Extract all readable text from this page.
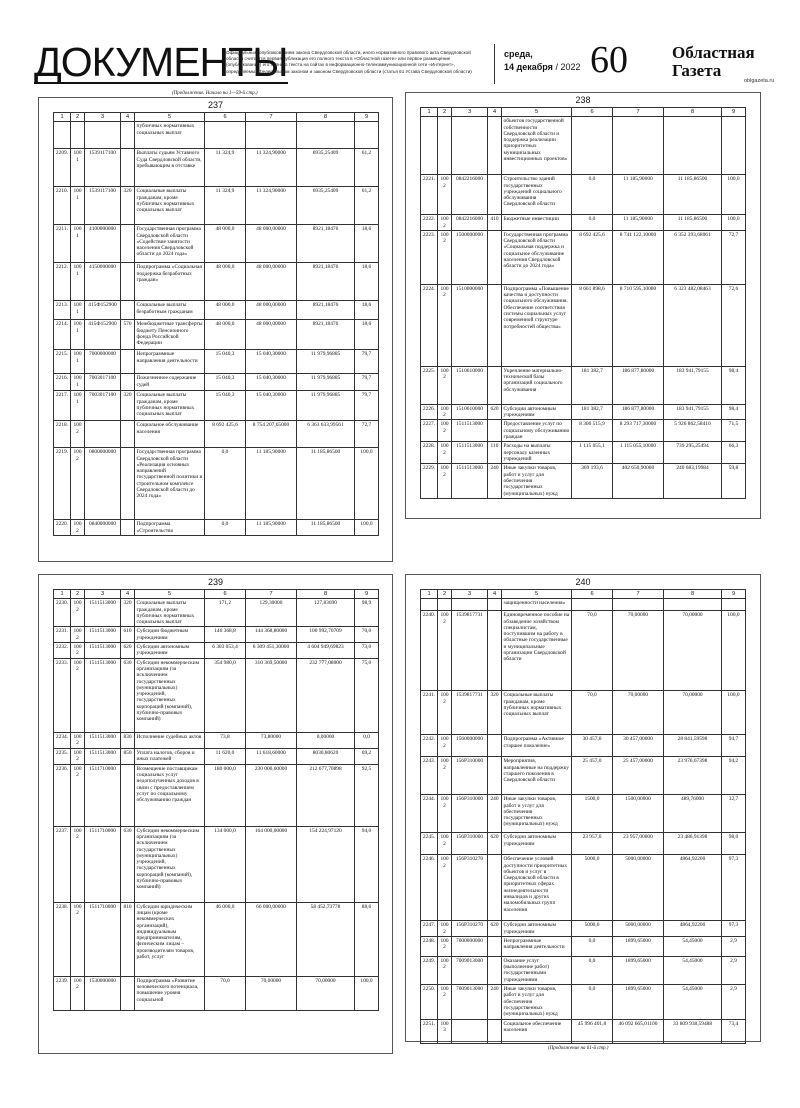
ДОКУМЕНТЫ
Официальным опубликованием закона Свердловской области, иного нормативного правового акта Свердловской области считается первая публикация его полного текста в «Областной газете» или первое размещение (опубликование) его полного текста на сайтах в информационно-телекоммуникационной сети «Интернет», определяемых федеральным законом и законом Свердловской области (статья 61 Устава Свердловской области)
среда,
14 декабря / 2022 60	Областная
Газета
oblgazeta.ru
(Продолжение. Начало на 1—59-й стр.)
237
1	2	3	4	5	6	7	8	9
				публичных нормативных социальных выплат				
2209.	1001	1539117100		Выплаты судьям Уставного Суда Свердловской области, пребывающим в отставке	11 324,9	11 324,90000	6935,25409	61,2
2210.	1001	1539117100	320	Социальные выплаты гражданам, кроме публичных нормативных социальных выплат	11 324,9	11 324,90000	6935,25409	61,2
2211.	1001	4100000000		Государственная программа Свердловской области «Содействие занятости населения Свердловской области до 2024 года»	48 000,0	48 000,00000	8921,18476	18,6
2212.	1001	4150000000		Подпрограмма «Социальная поддержка безработных граждан»	48 000,0	48 000,00000	8921,18476	18,6
2213.	1001	415Ф152900		Социальные выплаты безработным гражданам	48 000,0	48 000,00000	8921,18476	18,6
2214.	1001	415Ф152900	570	Межбюджетные трансферты бюджету Пенсионного фонда Российской Федерации	48 000,0	48 000,00000	8921,18476	18,6
2215.	1001	7000000000		Непрограммные направления деятельности	15 040,3	15 040,30000	11 979,96885	79,7
2216.	1001	7003017100		Пожизненное содержание судей	15 040,3	15 040,30000	11 979,96885	79,7
2217.	1001	7003017100	320	Социальные выплаты гражданам, кроме публичных нормативных социальных выплат	15 040,3	15 040,30000	11 979,96885	79,7
2218.	1002			Социальное обслуживание населения	8 692 425,6	8 754 207,65000	6 363 633,99561	72,7
2219.	1002	0800000000		Государственная программа Свердловской области «Реализация основных направлений государственной политики в строительном комплексе Свердловской области до 2024 года»	0,0	11 185,90000	11 185,86500	100,0
2220.	1002	0840000000		Подпрограмма «Строительство	0,0	11 185,90000	11 185,86500	100,0
238
1	2	3	4	5	6	7	8	9
				объектов государственной собственности Свердловской области и поддержка реализации приоритетных муниципальных инвестиционных проектов»				
2221.	1002	0842216000		Строительство зданий государственных учреждений социального обслуживания Свердловской области	0,0	11 185,90000	11 185,86500	100,0
2222.	1002	0842216000	410	Бюджетные инвестиции	0,0	11 185,90000	11 185,86500	100,0
2223.	1002	1500000000		Государственная программа Свердловской области «Социальная поддержка и социальное обслуживание населения Свердловской области до 2024 года»	8 692 425,6	8 741 122,10000	6 352 393,68061	72,7
2224.	1002	1510000000		Подпрограмма «Повышение качества и доступности социального обслуживания. Обеспечение соответствия системы социальных услуг современной структуре потребностей общества»	8 661 898,6	8 710 595,10000	6 323 482,08463	72,6
2225.	1002	1510610000		Укрепление материально-технической базы организаций социального обслуживания	181 382,7	186 877,80000	183 941,79155	98,4
2226.	1002	1510610000	620	Субсидии автономным учреждениям	181 382,7	186 877,80000	183 941,79155	98,4
2227.	1002	1511513000		Предоставление услуг по социальному обслуживанию граждан	8 300 515,9	8 293 717,30000	5 926 862,58410	71,5
2228.	1002	1511513000	110	Расходы на выплаты персоналу казенных учреждений	1 115 055,1	1 115 055,10000	739 295,25494	66,3
2229.	1002	1511513000	240	Иные закупки товаров, работ и услуг для обеспечения государственных (муниципальных) нужд	369 193,6	402 650,90000	240 683,19984	59,8
239
1	2	3	4	5	6	7	8	9
2230.	1002	1511513000	320	Социальные выплаты гражданам, кроме публичных нормативных социальных выплат	171,2	129,30000	127,83690	98,9
2231.	1002	1511513000	610	Субсидии бюджетным учреждениям	146 368,8	144 368,80000	100 992,70709	70,0
2232.	1002	1511513000	620	Субсидии автономным учреждениям	6 303 053,4	6 309 451,30000	4 604 949,69823	73,0
2233.	1002	1511513000	630	Субсидии некоммерческим организациям (за исключением государственных (муниципальных) учреждений, государственных корпораций (компаний), публично-правовых компаний)	354 980,0	310 369,50000	232 777,08000	75,0
2234.	1002	1511513000	830	Исполнение судебных актов	73,8	73,80000	0,00000	0,0
2235.	1002	1511513000	850	Уплата налогов, сборов и иных платежей	11 620,0	11 618,60000	8036,80620	69,2
2236.	1002	1511710000		Возмещение поставщикам социальных услуг недополученных доходов в связи с предоставлением услуг по социальному обслуживанию граждан	180 000,0	230 000,00000	212 677,70898	92,5
2237.	1002	1511710000	630	Субсидии некоммерческим организациям (за исключением государственных (муниципальных) учреждений, государственных корпораций (компаний), публично-правовых компаний)	134 000,0	164 000,00000	154 224,97120	94,0
2238.	1002	1511710000	810	Субсидии юридическим лицам (кроме некоммерческих организаций), индивидуальным предпринимателям, физическим лицам – производителям товаров, работ, услуг	46 000,0	66 000,00000	58 452,73778	88,6
2239.	1002	1530000000		Подпрограмма «Развитие человеческого потенциала, повышение уровня социальной	70,0	70,00000	70,00000	100,0
240
1	2	3	4	5	6	7	8	9
				защищенности населения»				
2240.	1002	1539817731		Единовременное пособие на обзаведение хозяйством специалистам, поступившим на работу в областные государственные и муниципальные организации Свердловской области	70,0	70,00000	70,00000	100,0
2241.	1002	1539817731	320	Социальные выплаты гражданам, кроме публичных нормативных социальных выплат	70,0	70,00000	70,00000	100,0
2242.	1002	1560000000		Подпрограмма «Активное старшее поколение»	30 457,0	30 457,00000	28 841,59598	94,7
2243.	1002	156P310000		Мероприятия, направленные на поддержку старшего поколения в Свердловской области	25 457,0	25 457,00000	23 976,67398	94,2
2244.	1002	156P310000	240	Иные закупки товаров, работ и услуг для обеспечения государственных (муниципальных) нужд	1500,0	1500,00000	489,76000	32,7
2245.	1002	156P310000	620	Субсидии автономным учреждениям	23 957,0	23 957,00000	23 486,91398	98,0
2246.	1002	156P310270		Обеспечение условий доступности приоритетных объектов и услуг в Свердловской области в приоритетных сферах жизнедеятельности инвалидов и других маломобильных групп населения	5000,0	5000,00000	4864,92200	97,3
2247.	1002	156P310270	620	Субсидии автономным учреждениям	5000,0	5000,00000	4864,92200	97,3
2248.	1002	7000000000		Непрограммные направления деятельности	0,0	1899,65000	54,45000	2,9
2249.	1002	7009013000		Оказание услуг (выполнение работ) государственными учреждениями	0,0	1899,65000	54,45000	2,9
2250.	1002	7009013000	240	Иные закупки товаров, работ и услуг для обеспечения государственных (муниципальных) нужд	0,0	1899,65000	54,45000	2,9
2251.	1003			Социальное обеспечение населения	45 996 401,8	46 092 665,01100	33 809 938,59488	73,4
(Продолжение на 61-й стр.)
